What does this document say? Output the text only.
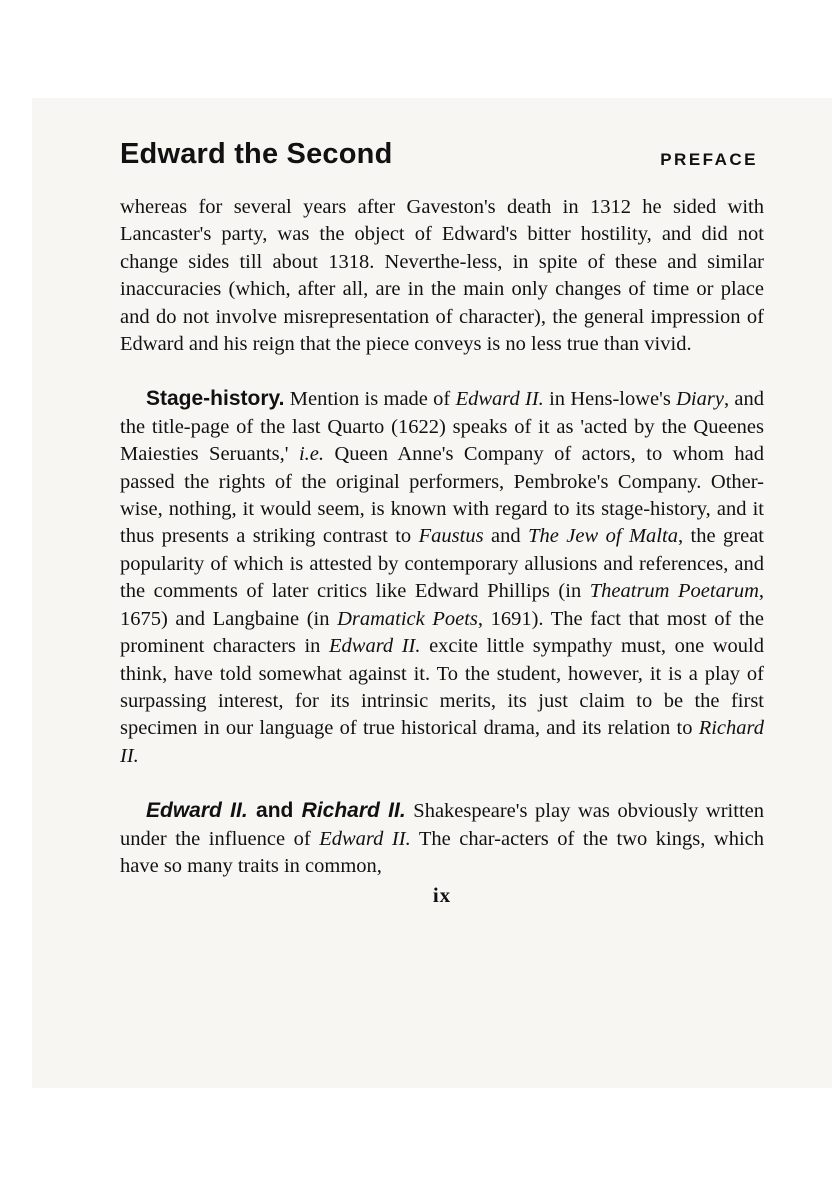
Edward the Second	PREFACE

whereas for several years after Gaveston's death in 1312 he sided with Lancaster's party, was the object of Edward's bitter hostility, and did not change sides till about 1318. Neverthe-less, in spite of these and similar inaccuracies (which, after all, are in the main only changes of time or place and do not involve misrepresentation of character), the general impression of Edward and his reign that the piece conveys is no less true than vivid.

Stage-history. Mention is made of Edward II. in Hens-lowe's Diary, and the title-page of the last Quarto (1622) speaks of it as 'acted by the Queenes Maiesties Seruants,' i.e. Queen Anne's Company of actors, to whom had passed the rights of the original performers, Pembroke's Company. Other-wise, nothing, it would seem, is known with regard to its stage-history, and it thus presents a striking contrast to Faustus and The Jew of Malta, the great popularity of which is attested by contemporary allusions and references, and the comments of later critics like Edward Phillips (in Theatrum Poetarum, 1675) and Langbaine (in Dramatick Poets, 1691). The fact that most of the prominent characters in Edward II. excite little sympathy must, one would think, have told somewhat against it. To the student, however, it is a play of surpassing interest, for its intrinsic merits, its just claim to be the first specimen in our language of true historical drama, and its relation to Richard II.

Edward II. and Richard II. Shakespeare's play was obviously written under the influence of Edward II. The char-acters of the two kings, which have so many traits in common,

ix
